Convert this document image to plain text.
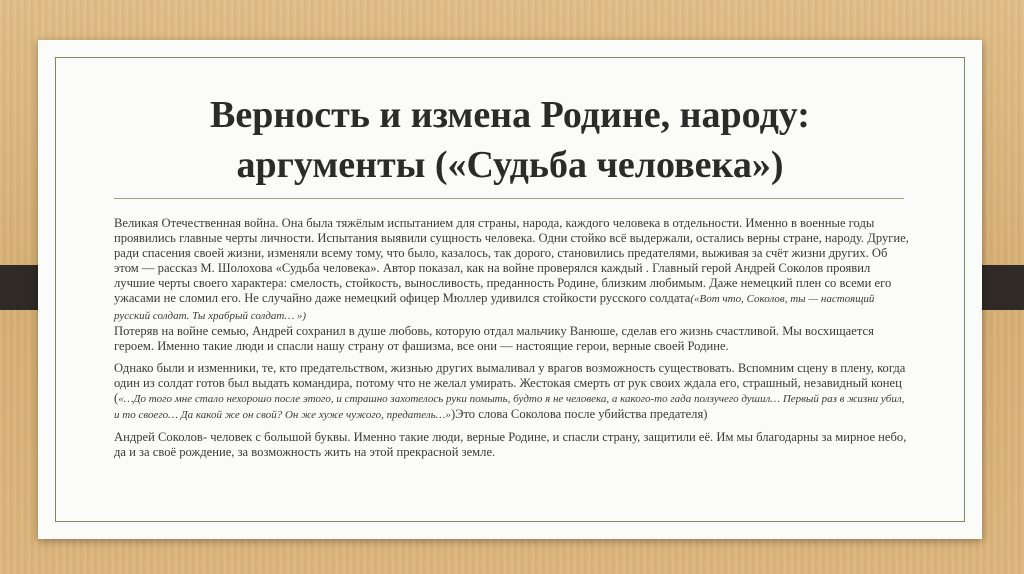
Верность и измена Родине, народу:
аргументы («Судьба человека»)

Великая Отечественная война. Она была тяжёлым испытанием для страны, народа, каждого человека в отдельности. Именно в военные годы проявились главные черты личности. Испытания выявили сущность человека. Одни стойко всё выдержали, остались верны стране, народу. Другие, ради спасения своей жизни, изменяли всему тому, что было, казалось, так дорого, становились предателями, выживая за счёт жизни других. Об этом — рассказ М. Шолохова «Судьба человека». Автор показал, как на войне проверялся каждый . Главный герой Андрей Соколов проявил лучшие черты своего характера: смелость, стойкость, выносливость, преданность Родине, близким любимым. Даже немецкий плен со всеми его ужасами не сломил его. Не случайно даже немецкий офицер Мюллер удивился стойкости русского солдата(«Вот что, Соколов, ты — настоящий русский солдат. Ты храбрый солдат… »)

Потеряв на войне семью, Андрей сохранил в душе любовь, которую отдал мальчику Ванюше, сделав его жизнь счастливой. Мы восхищается героем. Именно такие люди и спасли нашу страну от фашизма, все они — настоящие герои, верные своей Родине.

Однако были и изменники, те, кто предательством, жизнью других вымаливал у врагов возможность существовать. Вспомним сцену в плену, когда один из солдат готов был выдать командира, потому что не желал умирать. Жестокая смерть от рук своих ждала его, страшный, незавидный конец («…До того мне стало нехорошо после этого, и страшно захотелось руки помыть, будто я не человека, а какого-то гада ползучего душил… Первый раз в жизни убил, и то своего… Да какой же он свой? Он же хуже чужого, предатель…»)Это слова Соколова после убийства предателя)

Андрей Соколов- человек с большой буквы. Именно такие люди, верные Родине, и спасли страну, защитили её. Им мы благодарны за мирное небо, да и за своё рождение, за возможность жить на этой прекрасной земле.
